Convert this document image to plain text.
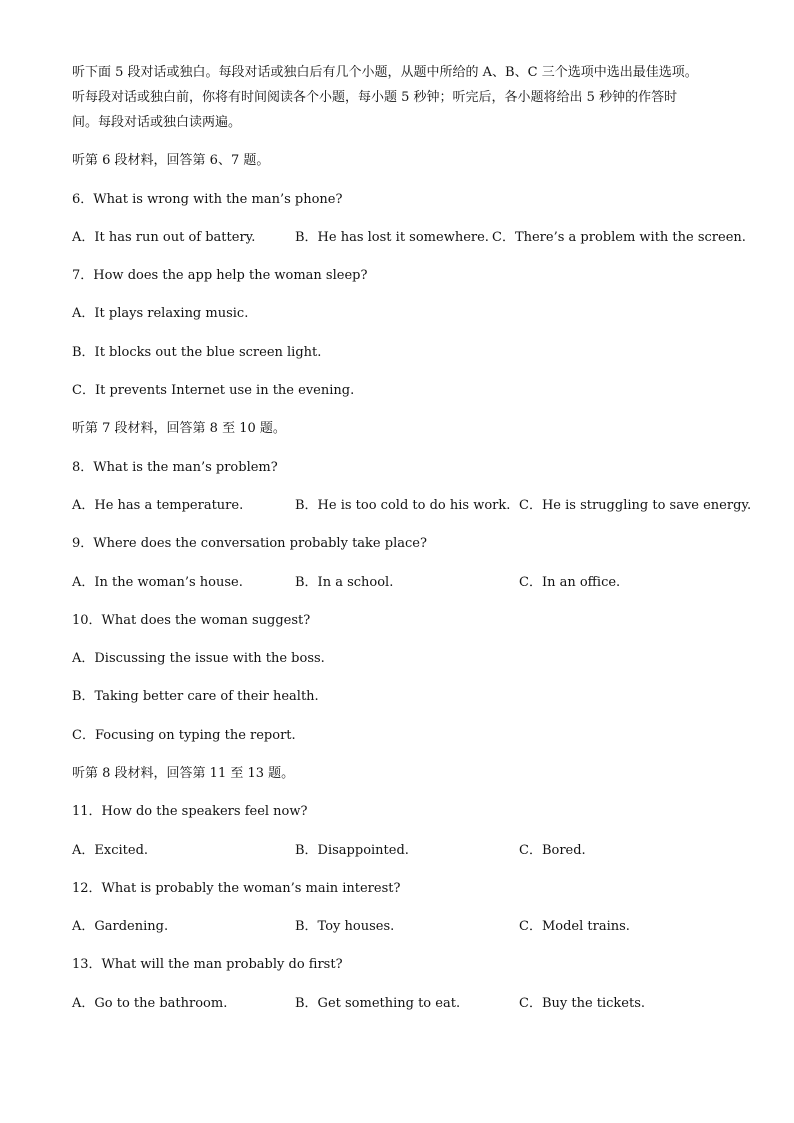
听下面 5 段对话或独白。每段对话或独白后有几个小题，从题中所给的 A、B、C 三个选项中选出最佳选项。
听每段对话或独白前，你将有时间阅读各个小题，每小题 5 秒钟；听完后，各小题将给出 5 秒钟的作答时
间。每段对话或独白读两遍。
听第 6 段材料，回答第 6、7 题。
6．What is wrong with the man’s phone?
A．It has run out of battery.	B．He has lost it somewhere. C．There’s a problem with the screen.
7．How does the app help the woman sleep?
A．It plays relaxing music.
B．It blocks out the blue screen light.
C．It prevents Internet use in the evening.
听第 7 段材料，回答第 8 至 10 题。
8．What is the man’s problem?
A．He has a temperature.	B．He is too cold to do his work. C．He is struggling to save energy.
9．Where does the conversation probably take place?
A．In the woman’s house.	B．In a school.	C．In an office.
10．What does the woman suggest?
A．Discussing the issue with the boss.
B．Taking better care of their health.
C．Focusing on typing the report.
听第 8 段材料，回答第 11 至 13 题。
11．How do the speakers feel now?
A．Excited.	B．Disappointed.	C．Bored.
12．What is probably the woman’s main interest?
A．Gardening.	B．Toy houses.	C．Model trains.
13．What will the man probably do first?
A．Go to the bathroom.	B．Get something to eat.	C．Buy the tickets.
